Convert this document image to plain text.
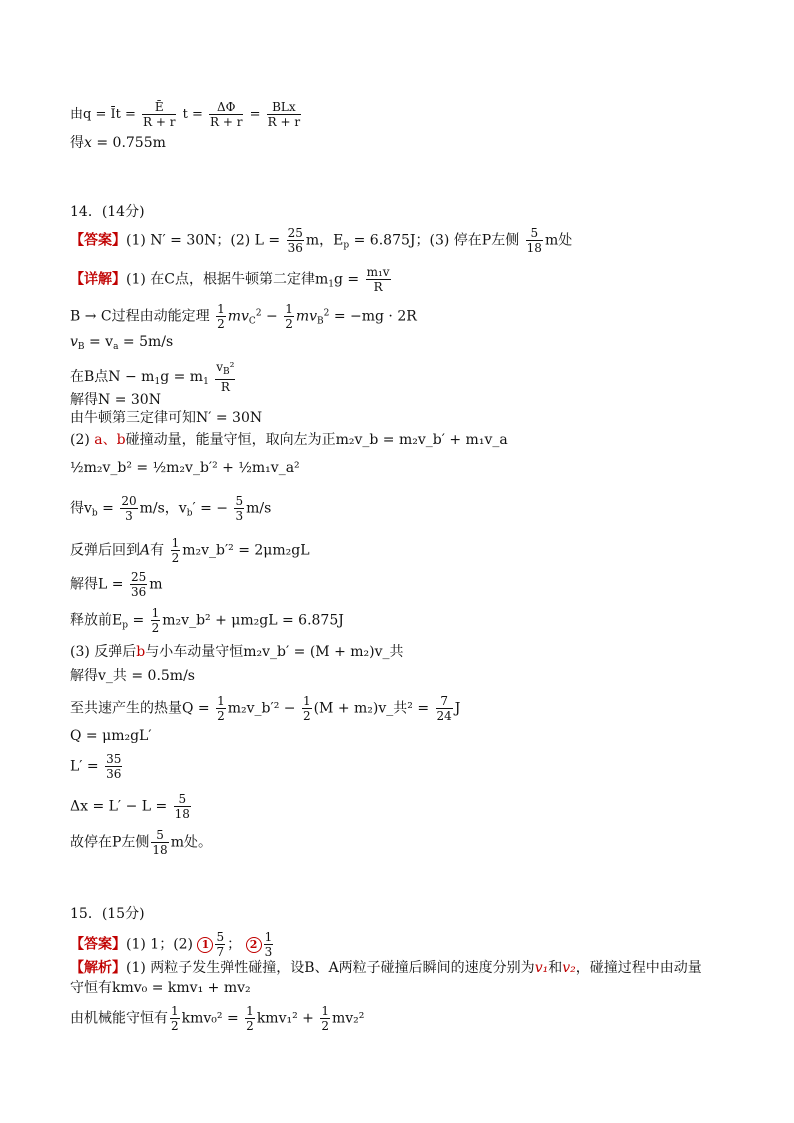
由q = Īt = $\frac{Ē}{R + r}$ $t = \frac{\Delta\Phi}{R + r} = \frac{\text{BLx}}{R + r}$
得x = 0.755m
14．(14分)
【答案】(1) N′ = 30N；(2) $L = \frac{25}{36}$ m，$E_p = 6.875J$；(3) 停在P左侧 $\frac{5}{18}$ m处
【详解】(1) 在C点，根据牛顿第二定律$m_1g = \frac{\text{m₁v}}{R}$
B → C过程由动能定理 $\frac{1}{2} mv_C^2 - \frac{1}{2} mv_B^2 = -mg \cdot 2R$
$v_B = v_a = 5m/s$
在B点$N - m_1g = m_1 \frac{v_B^2}{R}$
解得N = 30N
由牛顿第三定律可知N′ = 30N
(2) a、b碰撞动量，能量守恒，取向左为正m₂v_b = m₂v_b′ + m₁v_a
½m₂v_b² = ½m₂v_b′² + ½m₁v_a²
得$v_b = \frac{20}{3} m/s$，$v_b'$ = − $\frac{5}{3} m/s$
反弹后回到A有 $\frac{1}{2}$ m₂v_b′² = 2μm₂gL
解得$L = \frac{25}{36}$ m
释放前$E_p = \frac{1}{2}$ m₂v_b² + μm₂gL = 6.875J
(3) 反弹后b与小车动量守恒m₂v_b′ = (M + m₂)v_共
解得v_共 = 0.5m/s
至共速产生的热量$Q = \frac{1}{2}$ m₂v_b′² − $\frac{1}{2} (M$ + m₂)v_共$^2 = \frac{7}{24}$ J
Q = μm₂gL′
$L' = \frac{35}{36}$
$\Delta x = L' - L = \frac{5}{18}$
故停在P左侧 $\frac{5}{18}$ m处。
15．(15分)
【答案】(1) 1；(2) $1 \frac{5}{7}$ ； $2 \frac{1}{3}$
【解析】(1) 两粒子发生弹性碰撞，设B、A两粒子碰撞后瞬间的速度分别为v₁和v₂，碰撞过程中由动量
守恒有kmv₀ = kmv₁ + mv₂
由机械能守恒有 $\frac{1}{2} kmv_0^2 = \frac{1}{2} kmv_1^2 + \frac{1}{2} mv_2^2$
